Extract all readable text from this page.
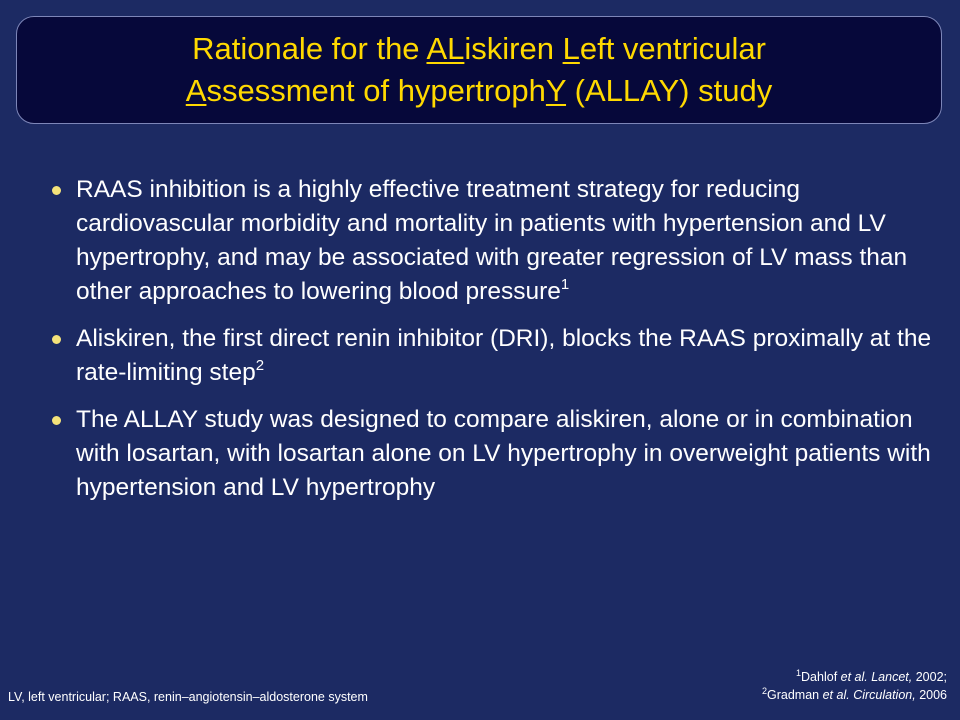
Rationale for the ALiskiren Left ventricular
Assessment of hypertrophY (ALLAY) study
RAAS inhibition is a highly effective treatment strategy for reducing cardiovascular morbidity and mortality in patients with hypertension and LV hypertrophy, and may be associated with greater regression of LV mass than other approaches to lowering blood pressure$^1$
Aliskiren, the first direct renin inhibitor (DRI), blocks the RAAS proximally at the rate-limiting step$^2$
The ALLAY study was designed to compare aliskiren, alone or in combination with losartan, with losartan alone on LV hypertrophy in overweight patients with hypertension and LV hypertrophy
LV, left ventricular; RAAS, renin–angiotensin–aldosterone system
$^1$Dahlof et al. Lancet, 2002;
$^2$Gradman et al. Circulation, 2006
